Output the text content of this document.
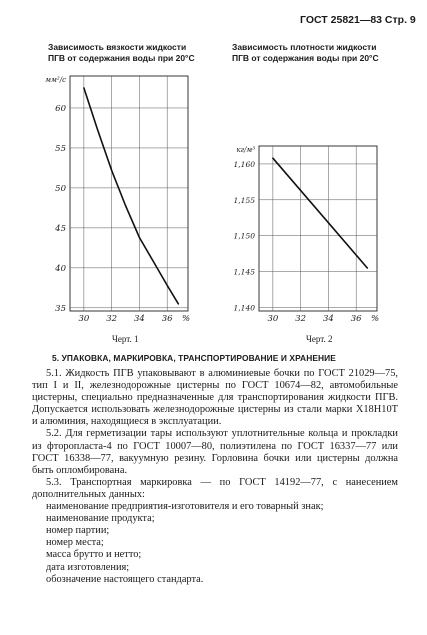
ГОСТ 25821—83 Стр. 9
Зависимость вязкости жидкости
ПГВ от содержания воды при 20°С
Зависимость плотности жидкости
ПГВ от содержания воды при 20°С
30 32 34 36
35
40
45
50
55
60
%
мм²/с
30 32 34 36
1,140
1,145
1,150
1,155
1,160
%
кг/м³
Черт. 1	Черт. 2
5. УПАКОВКА, МАРКИРОВКА, ТРАНСПОРТИРОВАНИЕ И ХРАНЕНИЕ

5.1. Жидкость ПГВ упаковывают в алюминиевые бочки по ГОСТ 21029—75, тип I и II, железнодорожные цистерны по ГОСТ 10674—82, автомобильные цистерны, специально предназначенные для транспортирования жидкости ПГВ. Допускается использовать железнодорожные цистерны из стали марки Х18Н10Т и алюминия, находящиеся в эксплуатации.

5.2. Для герметизации тары используют уплотнительные кольца и прокладки из фторопласта-4 по ГОСТ 10007—80, полиэтилена по ГОСТ 16337—77 или ГОСТ 16338—77, вакуумную резину. Горловина бочки или цистерны должна быть опломбирована.

5.3. Транспортная маркировка — по ГОСТ 14192—77, с нанесением дополнительных данных:

наименование предприятия-изготовителя и его товарный знак;

наименование продукта;

номер партии;

номер места;

масса брутто и нетто;

дата изготовления;

обозначение настоящего стандарта.
